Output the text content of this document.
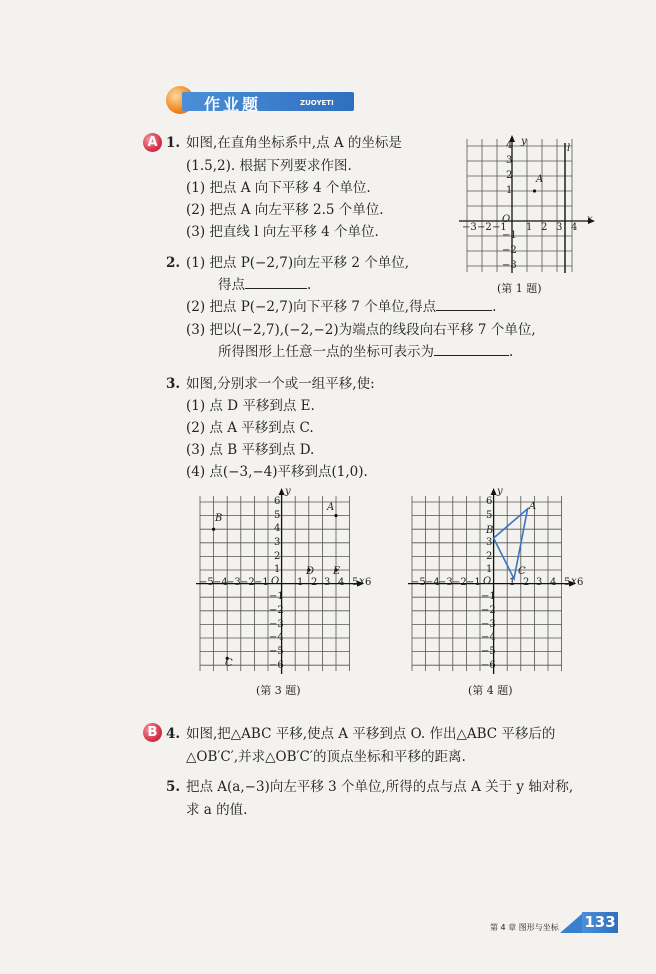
作业题	ZUOYETI
A 1. 如图,在直角坐标系中,点 A 的坐标是
(1.5,2). 根据下列要求作图.
(1) 把点 A 向下平移 4 个单位.
(2) 把点 A 向左平移 2.5 个单位.
(3) 把直线 l 向左平移 4 个单位.
y
x
O
A
l
−3 −2 −1 1 2 3 4
4
3
2
1
−1
−2
−3
(第 1 题)
2. (1) 把点 P(−2,7)向左平移 2 个单位,
得点	.
(2) 把点 P(−2,7)向下平移 7 个单位,得点	.
(3) 把以(−2,7),(−2,−2)为端点的线段向右平移 7 个单位,
所得图形上任意一点的坐标可表示为	.
3. 如图,分别求一个或一组平移,使:
(1) 点 D 平移到点 E.
(2) 点 A 平移到点 C.
(3) 点 B 平移到点 D.
(4) 点(−3,−4)平移到点(1,0).
y
x
O
B
A
D E
C
−5 −4
−3 −2 −1	1 2 3 4 5 6
6
5
4
3
2
1
−1
−2
−3
−4
−5
−6
(第 3 题)
y
x
O
A
B
C
−5 −4
−3 −2 −1	1 2 3 4 5 6
6
5
3
2
1
−1
−2
−3
−4
−5
−6
(第 4 题)
B 4. 如图,把△ABC 平移,使点 A 平移到点 O. 作出△ABC 平移后的
△OB′C′,并求△OB′C′的顶点坐标和平移的距离.
5. 把点 A(a,−3)向左平移 3 个单位,所得的点与点 A 关于 y 轴对称,
求 a 的值.
第 4 章 图形与坐标 133
